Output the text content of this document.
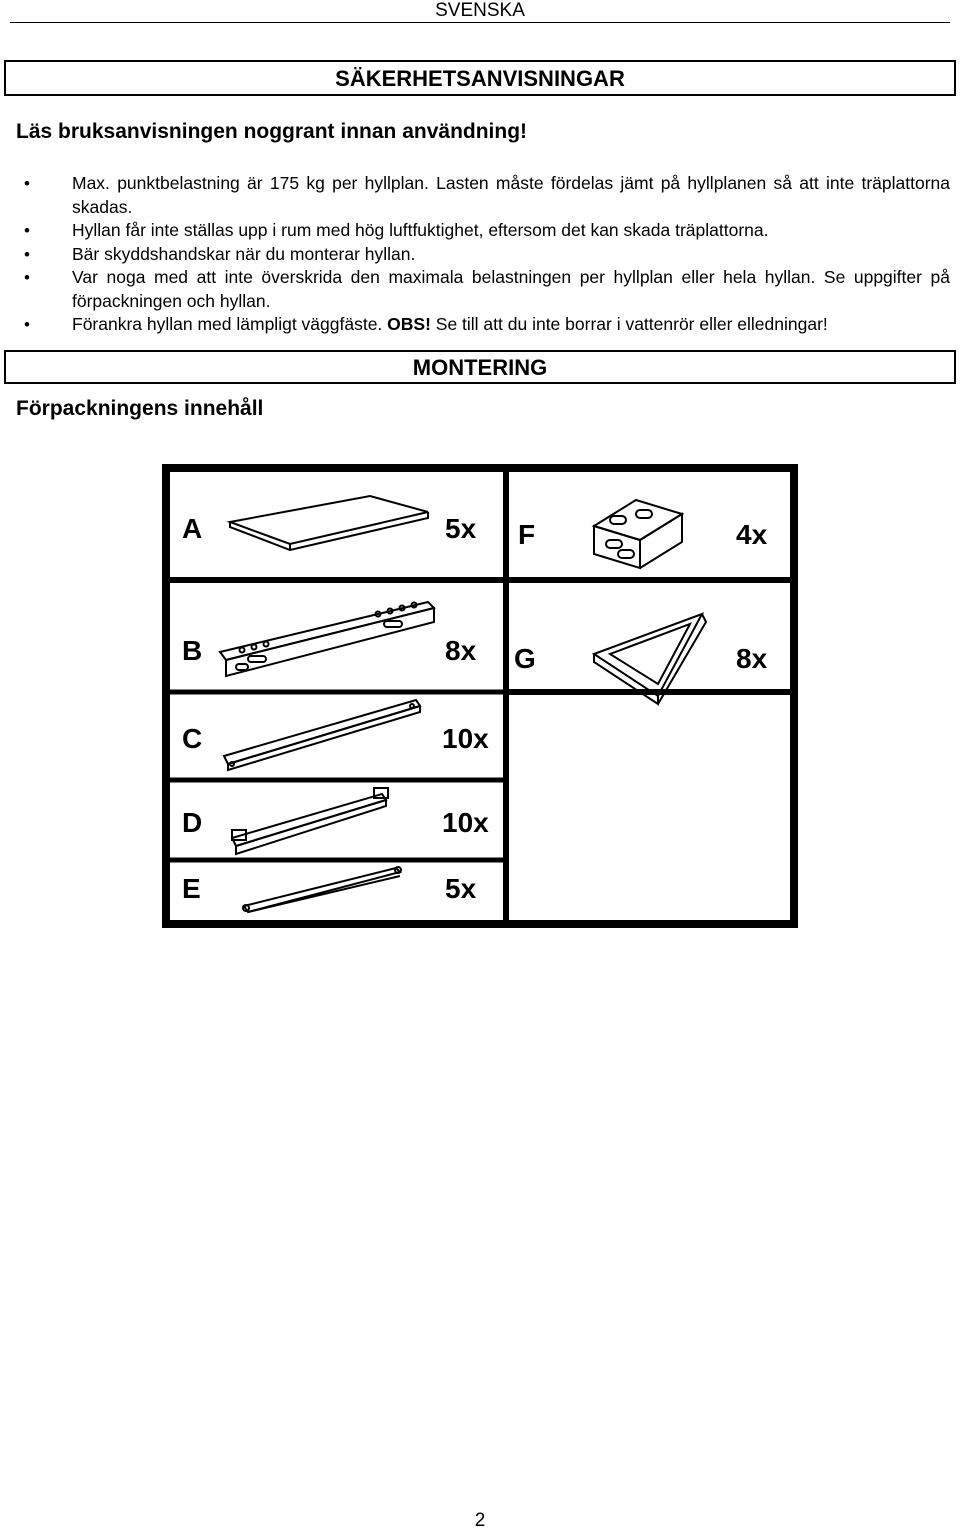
SVENSKA
SÄKERHETSANVISNINGAR
Läs bruksanvisningen noggrant innan användning!
• Max. punktbelastning är 175 kg per hyllplan. Lasten måste fördelas jämt på hyllplanen så att inte träplattorna skadas.
• Hyllan får inte ställas upp i rum med hög luftfuktighet, eftersom det kan skada träplattorna.
• Bär skyddshandskar när du monterar hyllan.
• Var noga med att inte överskrida den maximala belastningen per hyllplan eller hela hyllan. Se uppgifter på förpackningen och hyllan.
• Förankra hyllan med lämpligt väggfäste. OBS! Se till att du inte borrar i vattenrör eller elledningar!
MONTERING
Förpackningens innehåll
A	5x F	4x
B	8x G	8x
C	10x
D	10x
E	5x
2
